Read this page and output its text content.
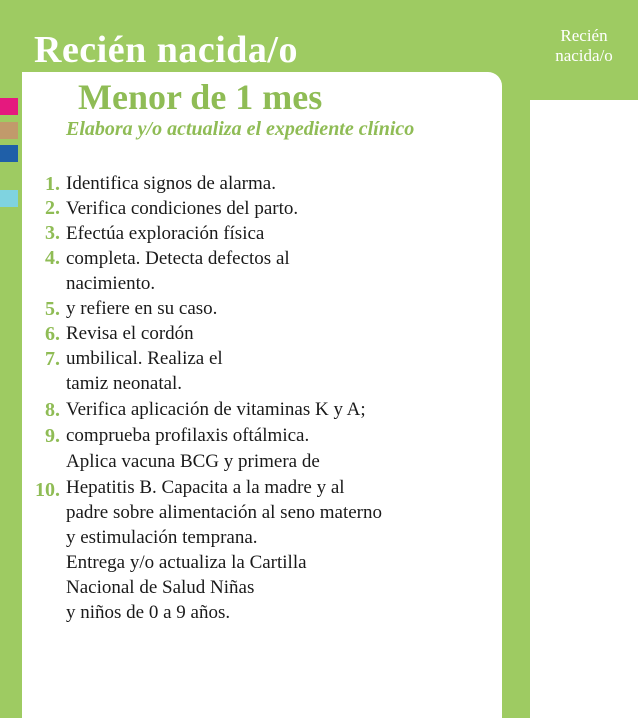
Recién nacida/o	Recién nacida/o
Menor de 1 mes
Elabora y/o actualiza el expediente clínico
1.
2.
3.
4.
5.
6.
7.
8.
9.
10.
Identifica signos de alarma.
Verifica condiciones del parto.
Efectúa exploración física
completa. Detecta defectos al
nacimiento.
y refiere en su caso.
Revisa el cordón
umbilical. Realiza el
tamiz neonatal.
Verifica aplicación de vitaminas K y A;
comprueba profilaxis oftálmica.
Aplica vacuna BCG y primera de
Hepatitis B. Capacita a la madre y al
padre sobre alimentación al seno materno
y estimulación temprana.
Entrega y/o actualiza la Cartilla
Nacional de Salud Niñas
y niños de 0 a 9 años.
